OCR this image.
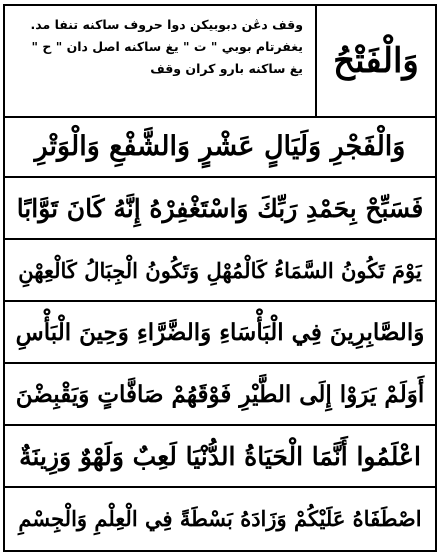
وقف دڠن دبوبيكن دوا حروف ساكنه تنفا مد.
يغفرتام بوبي " ت " يغ ساكنه اصل دان " ح "
يغ ساكنه بارو كران وقف وَالْفَتْحُ
وَالْفَجْرِ وَلَيَالٍ عَشْرٍ وَالشَّفْعِ وَالْوَتْرِ
فَسَبِّحْ بِحَمْدِ رَبِّكَ وَاسْتَغْفِرْهُ إِنَّهُ كَانَ تَوَّابًا
يَوْمَ تَكُونُ السَّمَاءُ كَالْمُهْلِ وَتَكُونُ الْجِبَالُ كَالْعِهْنِ
وَالصَّابِرِينَ فِي الْبَأْسَاءِ وَالضَّرَّاءِ وَحِينَ الْبَأْسِ
أَوَلَمْ يَرَوْا إِلَى الطَّيْرِ فَوْقَهُمْ صَافَّاتٍ وَيَقْبِضْنَ
اعْلَمُوا أَنَّمَا الْحَيَاةُ الدُّنْيَا لَعِبٌ وَلَهْوٌ وَزِينَةٌ
اصْطَفَاهُ عَلَيْكُمْ وَزَادَهُ بَسْطَةً فِي الْعِلْمِ وَالْجِسْمِ
